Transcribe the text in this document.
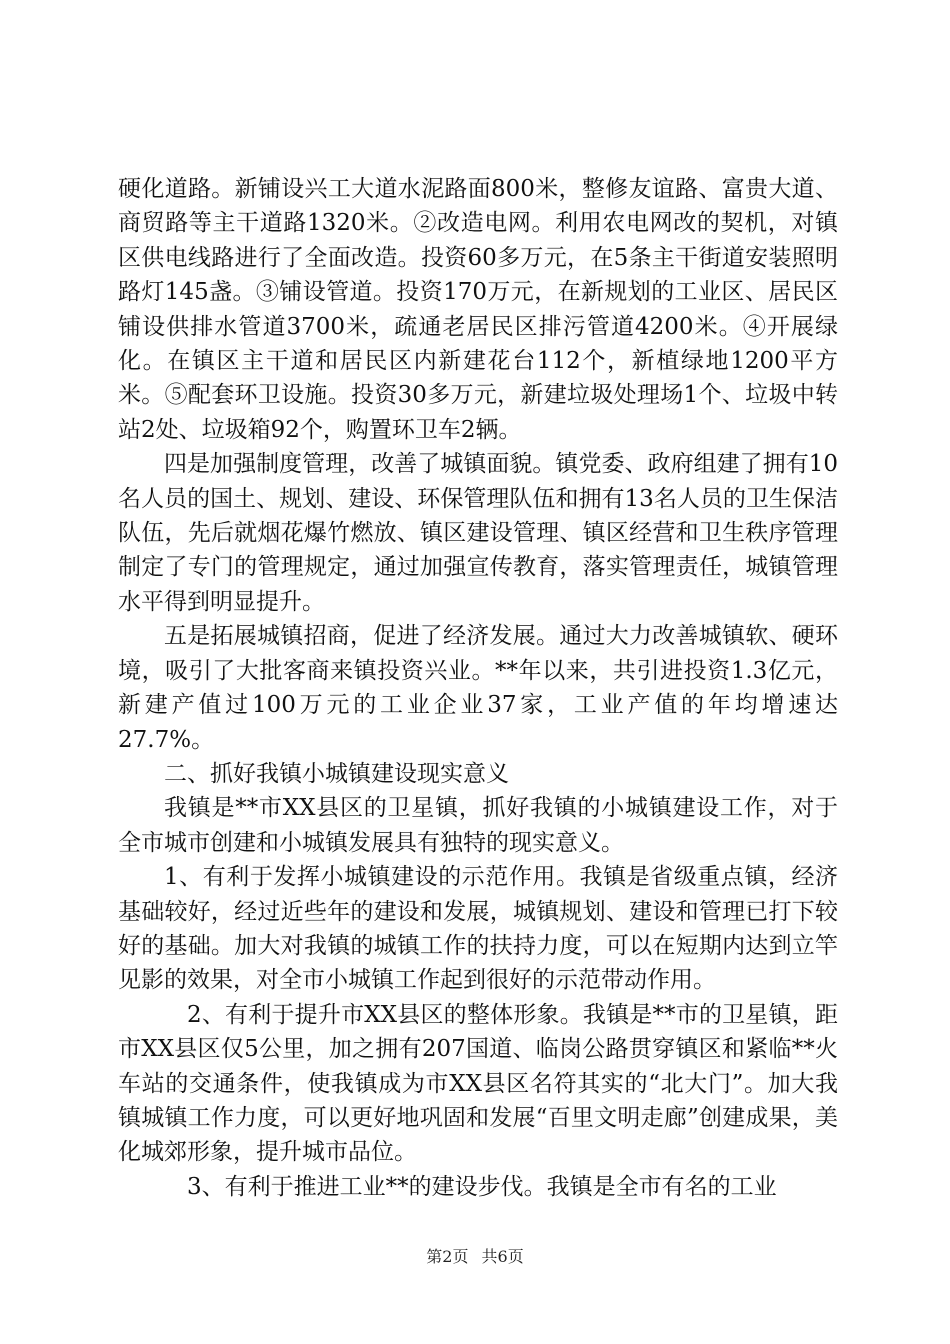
硬化道路。新铺设兴工大道水泥路面800米，整修友谊路、富贵大道、商贸路等主干道路1320米。②改造电网。利用农电网改的契机，对镇区供电线路进行了全面改造。投资60多万元，在5条主干街道安装照明路灯145盏。③铺设管道。投资170万元，在新规划的工业区、居民区铺设供排水管道3700米，疏通老居民区排污管道4200米。④开展绿化。在镇区主干道和居民区内新建花台112个，新植绿地1200平方米。⑤配套环卫设施。投资30多万元，新建垃圾处理场1个、垃圾中转站2处、垃圾箱92个，购置环卫车2辆。

四是加强制度管理，改善了城镇面貌。镇党委、政府组建了拥有10名人员的国土、规划、建设、环保管理队伍和拥有13名人员的卫生保洁队伍，先后就烟花爆竹燃放、镇区建设管理、镇区经营和卫生秩序管理制定了专门的管理规定，通过加强宣传教育，落实管理责任，城镇管理水平得到明显提升。

五是拓展城镇招商，促进了经济发展。通过大力改善城镇软、硬环境，吸引了大批客商来镇投资兴业。**年以来，共引进投资1.3亿元，新建产值过100万元的工业企业37家，工业产值的年均增速达27.7%。

二、抓好我镇小城镇建设现实意义

我镇是**市XX县区的卫星镇，抓好我镇的小城镇建设工作，对于全市城市创建和小城镇发展具有独特的现实意义。

1、有利于发挥小城镇建设的示范作用。我镇是省级重点镇，经济基础较好，经过近些年的建设和发展，城镇规划、建设和管理已打下较好的基础。加大对我镇的城镇工作的扶持力度，可以在短期内达到立竿见影的效果，对全市小城镇工作起到很好的示范带动作用。

2、有利于提升市XX县区的整体形象。我镇是**市的卫星镇，距市XX县区仅5公里，加之拥有207国道、临岗公路贯穿镇区和紧临**火车站的交通条件，使我镇成为市XX县区名符其实的“北大门”。加大我镇城镇工作力度，可以更好地巩固和发展“百里文明走廊”创建成果，美化城郊形象，提升城市品位。

3、有利于推进工业**的建设步伐。我镇是全市有名的工业

第2页 共6页
